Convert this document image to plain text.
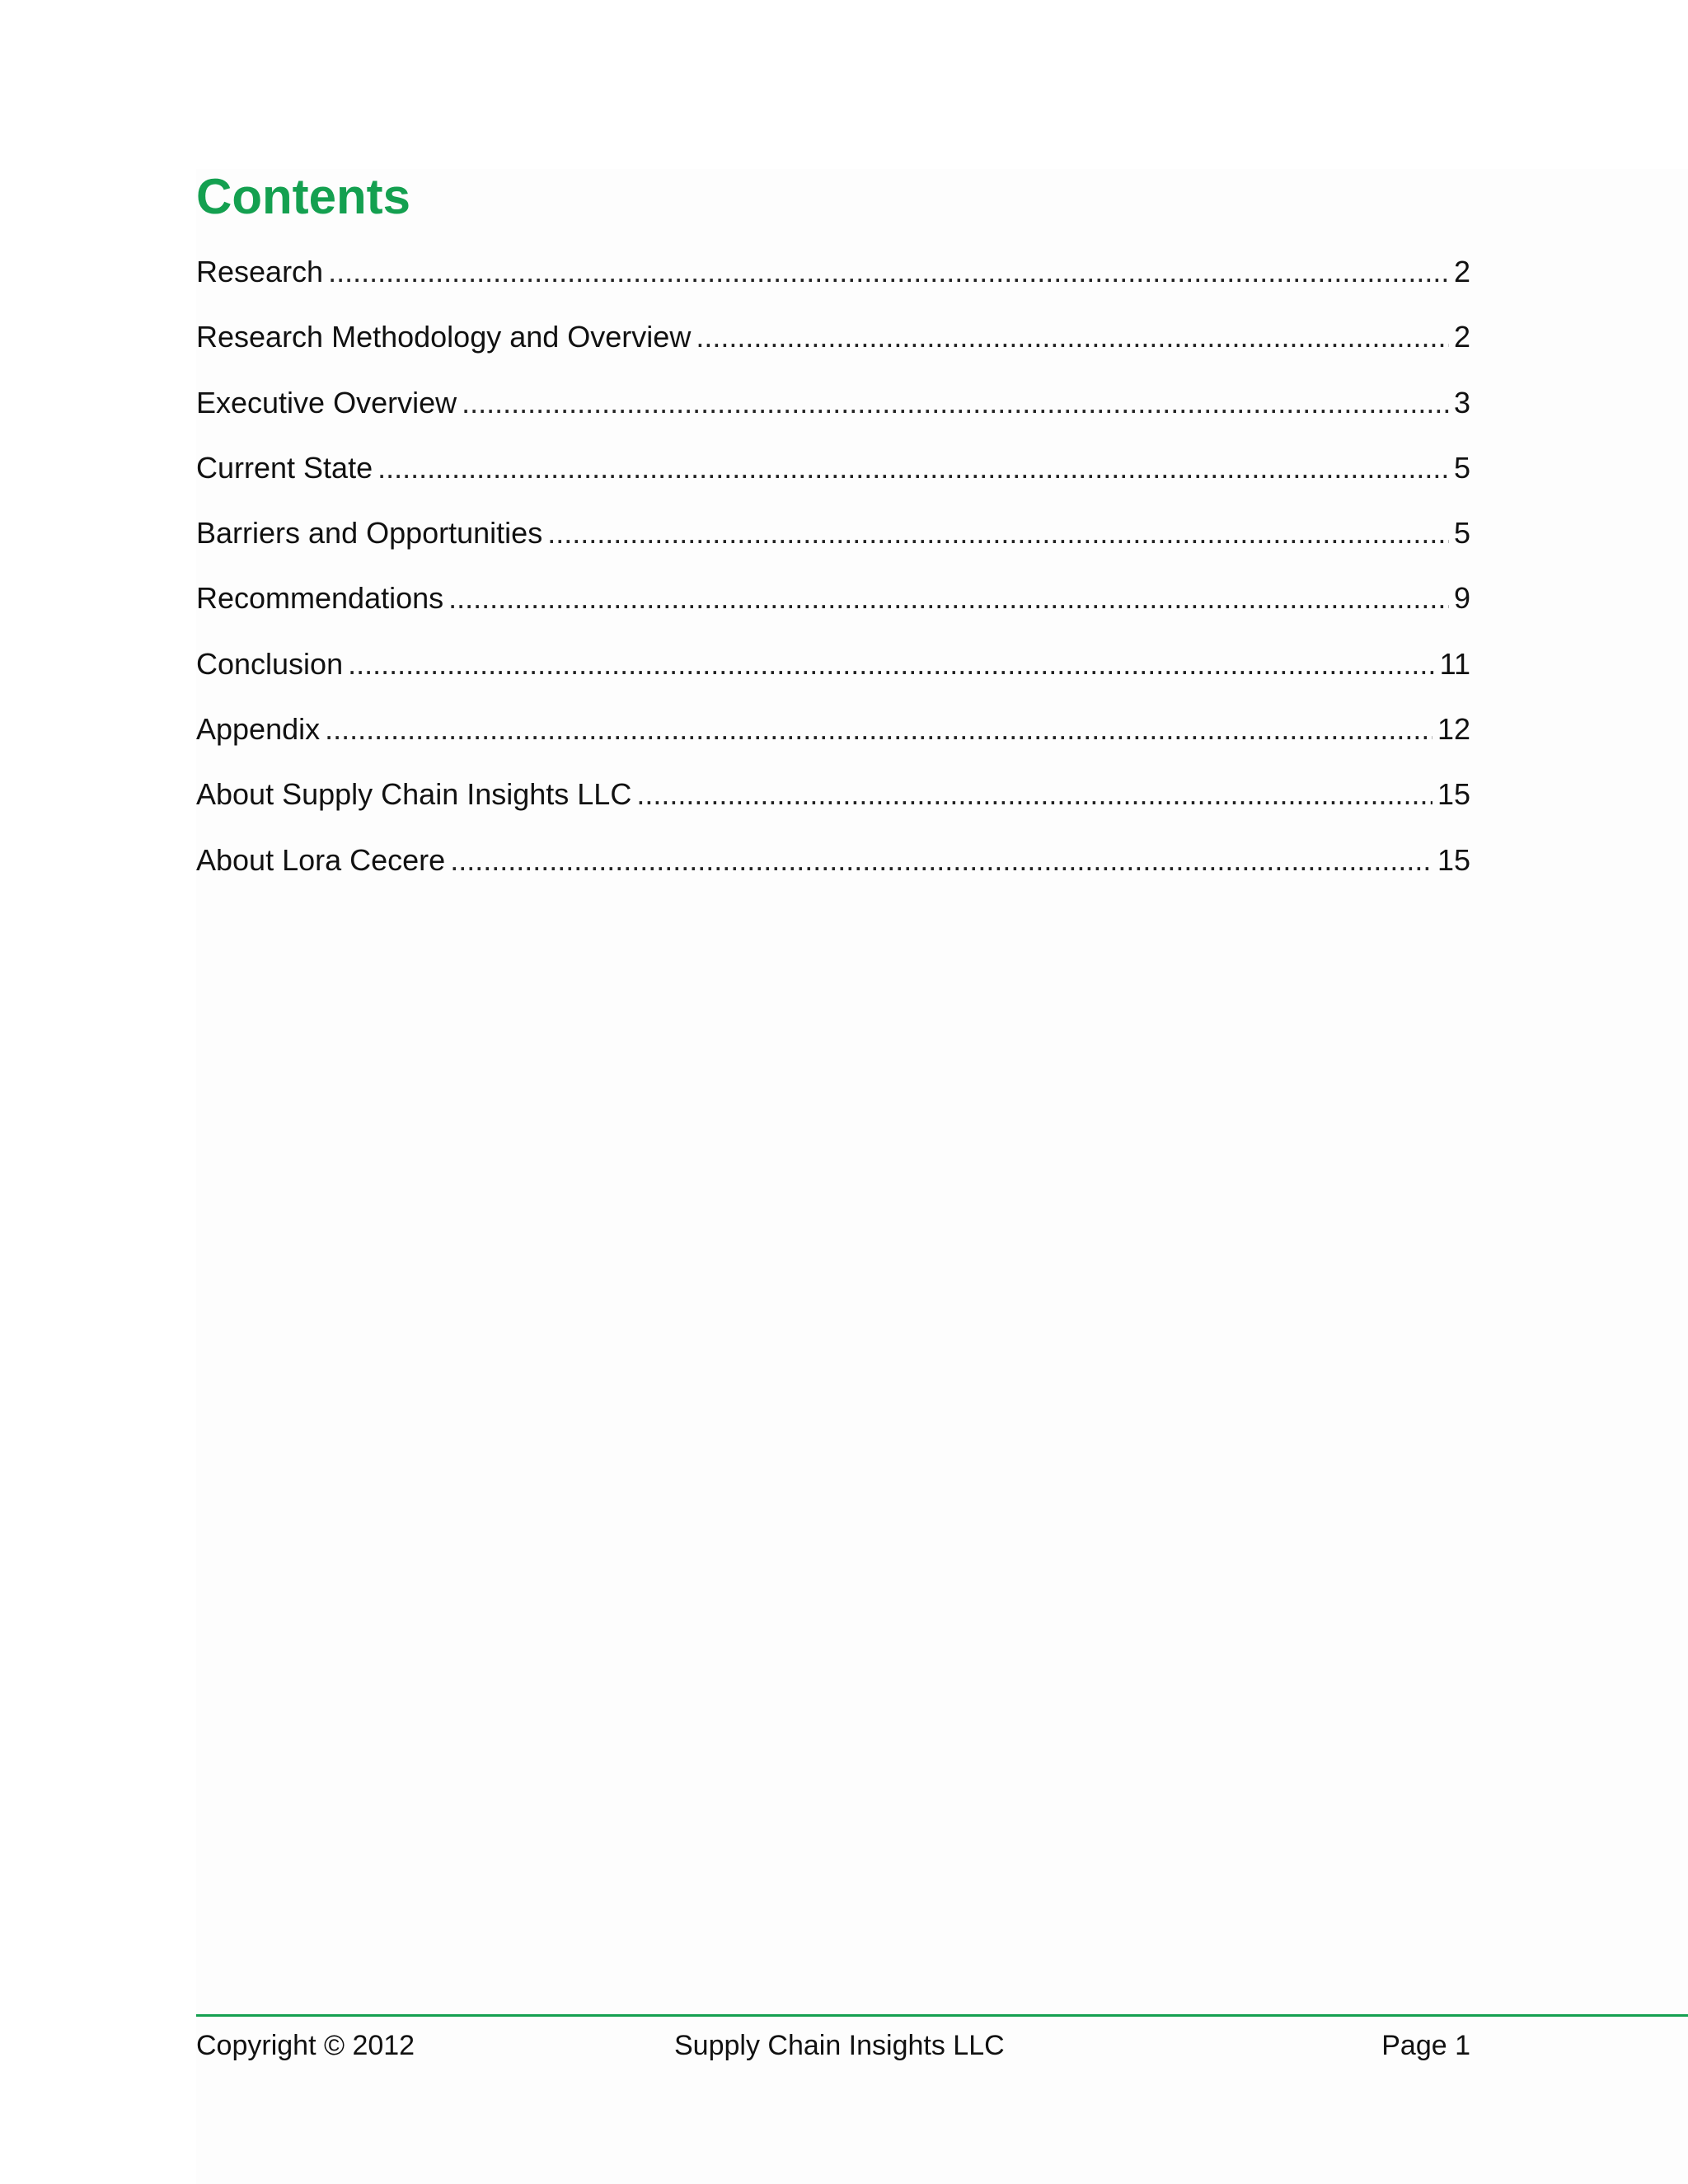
Contents
Research .....	2
Research Methodology and Overview .....	2
Executive Overview .....	3
Current State .....	5
Barriers and Opportunities .....	5
Recommendations .....	9
Conclusion .....	11
Appendix .....	12
About Supply Chain Insights LLC .....	15
About Lora Cecere .....	15
Copyright © 2012	Supply Chain Insights LLC	Page 1
